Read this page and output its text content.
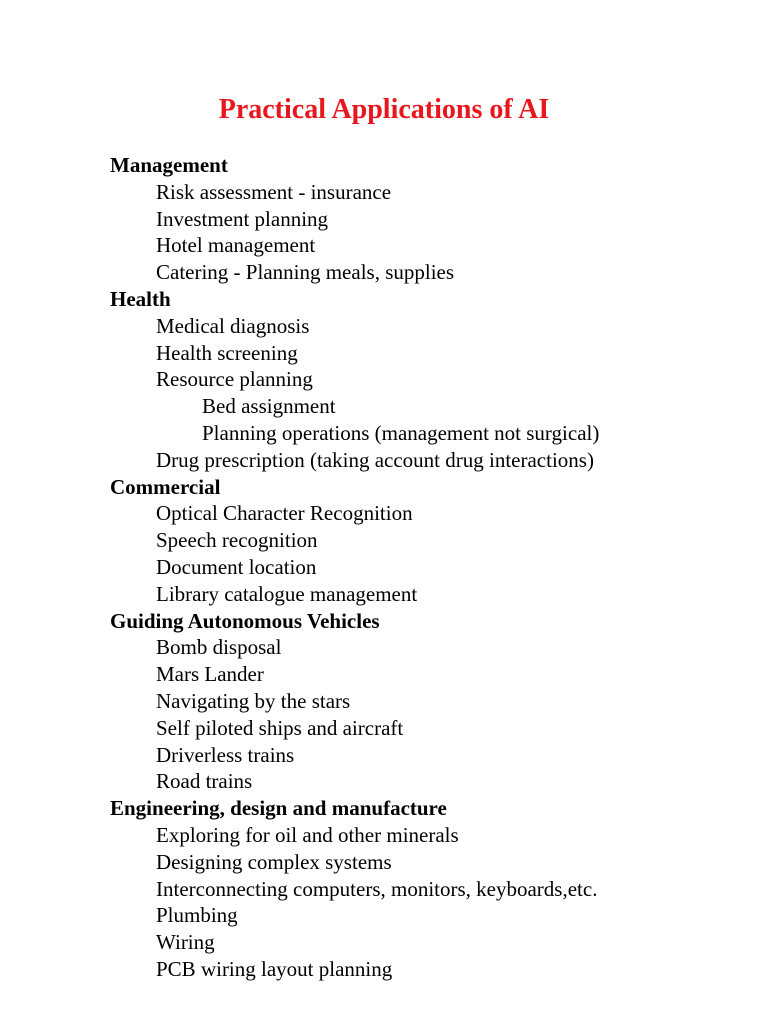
Practical Applications of AI
Management
Risk assessment - insurance
Investment planning
Hotel management
Catering - Planning meals, supplies
Health
Medical diagnosis
Health screening
Resource planning
Bed assignment
Planning operations (management not surgical)
Drug prescription (taking account drug interactions)
Commercial
Optical Character Recognition
Speech recognition
Document location
Library catalogue management
Guiding Autonomous Vehicles
Bomb disposal
Mars Lander
Navigating by the stars
Self piloted ships and aircraft
Driverless trains
Road trains
Engineering, design and manufacture
Exploring for oil and other minerals
Designing complex systems
Interconnecting computers, monitors, keyboards,etc.
Plumbing
Wiring
PCB wiring layout planning
